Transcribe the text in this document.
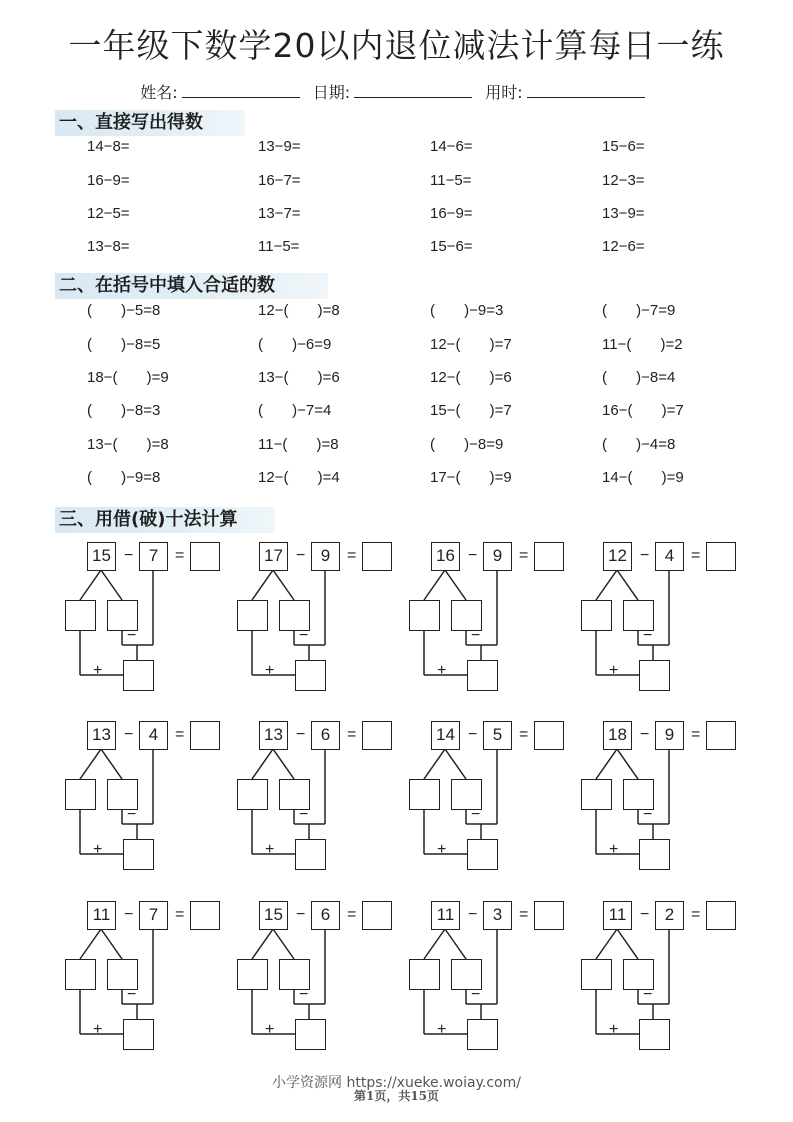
一年级下数学20以内退位减法计算每日一练
姓名:	日期:	用时:
一、直接写出得数
14−8=	13−9=	14−6=	15−6=
16−9=	16−7=	11−5=	12−3=
12−5=	13−7=	16−9=	13−9=
13−8=	11−5=	15−6=	12−6=
二、在括号中填入合适的数
(       )−5=8	12−(       )=8	(       )−9=3	(       )−7=9
(       )−8=5	(       )−6=9	12−(       )=7	11−(       )=2
18−(       )=9	13−(       )=6	12−(       )=6	(       )−8=4
(       )−8=3	(       )−7=4	15−(       )=7	16−(       )=7
13−(       )=8	11−(       )=8	(       )−8=9	(       )−4=8
(       )−9=8	12−(       )=4	17−(       )=9	14−(       )=9
三、用借(破)十法计算
15 − 7	=
−
+
17 − 9	=
−
+
16 − 9	=
−
+
12 − 4	=
−
+
13 − 4	=
−
+
13 − 6	=
−
+
14 − 5	=
−
+
18 − 9	=
−
+
11 − 7	=
−
+
15 − 6	=
−
+
11 − 3	=
−
+
11 − 2	=
−
+
小学资源网 https://xueke.woiay.com/
第1页，共15页
